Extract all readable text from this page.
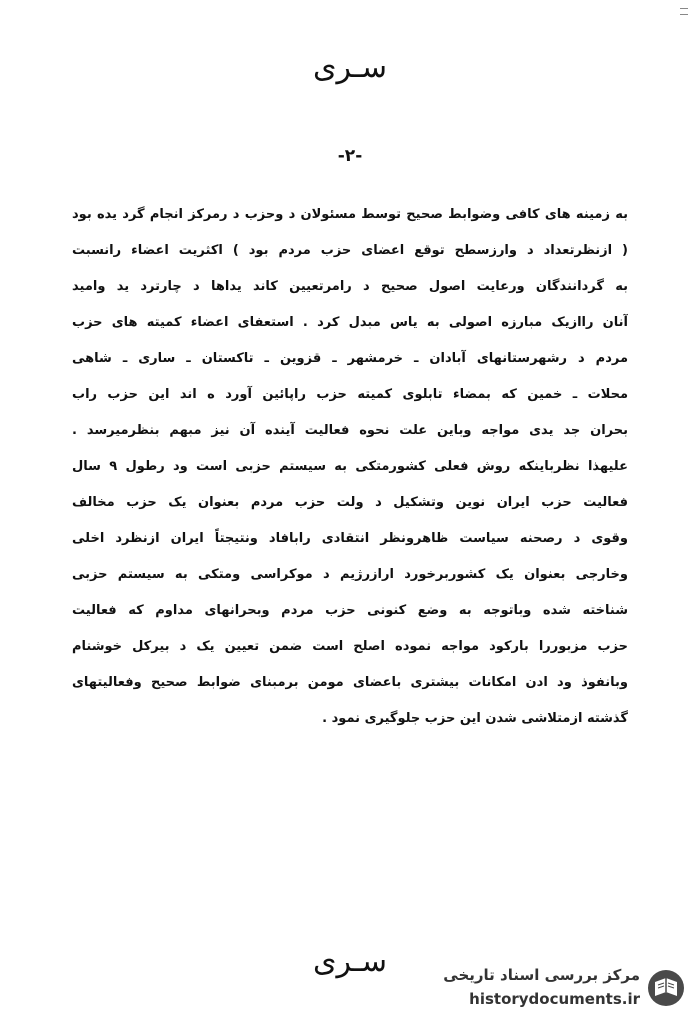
سـری
-۲-
به زمینه های کافی وضوابط صحیح توسط مسئولان د وحزب د رمرکز انجام گرد یده بود
( ازنظرتعداد د وارزسطح توقع اعضای حزب مردم بود ) اکثریت اعضاء رانسبت
به گردانندگان ورعایت اصول صحیح د رامرتعیین کاند یداها د چارترد ید وامید
آنان راازیک مبارزه اصولی به یاس مبدل کرد . استعفای اعضاء کمیته های حزب
مردم د رشهرستانهای آبادان ـ خرمشهر ـ قزوین ـ تاکستان ـ ساری ـ شاهی
محلات ـ خمین که بمضاء تابلوی کمیته حزب راپائین آورد ه اند این حزب راب
بحران جد یدی مواجه وباین علت نحوه فعالیت آینده آن نیز مبهم بنظرمیرسد .
علیهذا نظرباینکه روش فعلی کشورمتکی به سیستم حزبی است ود رطول ۹ سال
فعالیت حزب ایران نوین وتشکیل د ولت حزب مردم بعنوان یک حزب مخالف
وقوی د رصحنه سیاست ظاهرونظر انتقادی رابافاد ونتیجتاً ایران ازنظرد اخلی
وخارجی بعنوان یک کشوربرخورد ارازرژیم د موکراسی ومتکی به سیستم حزبی
شناخته شده وباتوجه به وضع کنونی حزب مردم وبحرانهای مداوم که فعالیت
حزب مزبوررا بارکود مواجه نموده اصلح است ضمن تعیین یک د بیرکل خوشنام
وبانفوذ ود ادن امکانات بیشتری باعضای مومن برمبنای ضوابط صحیح وفعالیتهای
گذشته ازمتلاشی شدن این حزب جلوگیری نمود .
سـری	مرکز بررسی اسناد تاریخی
historydocuments.ir
